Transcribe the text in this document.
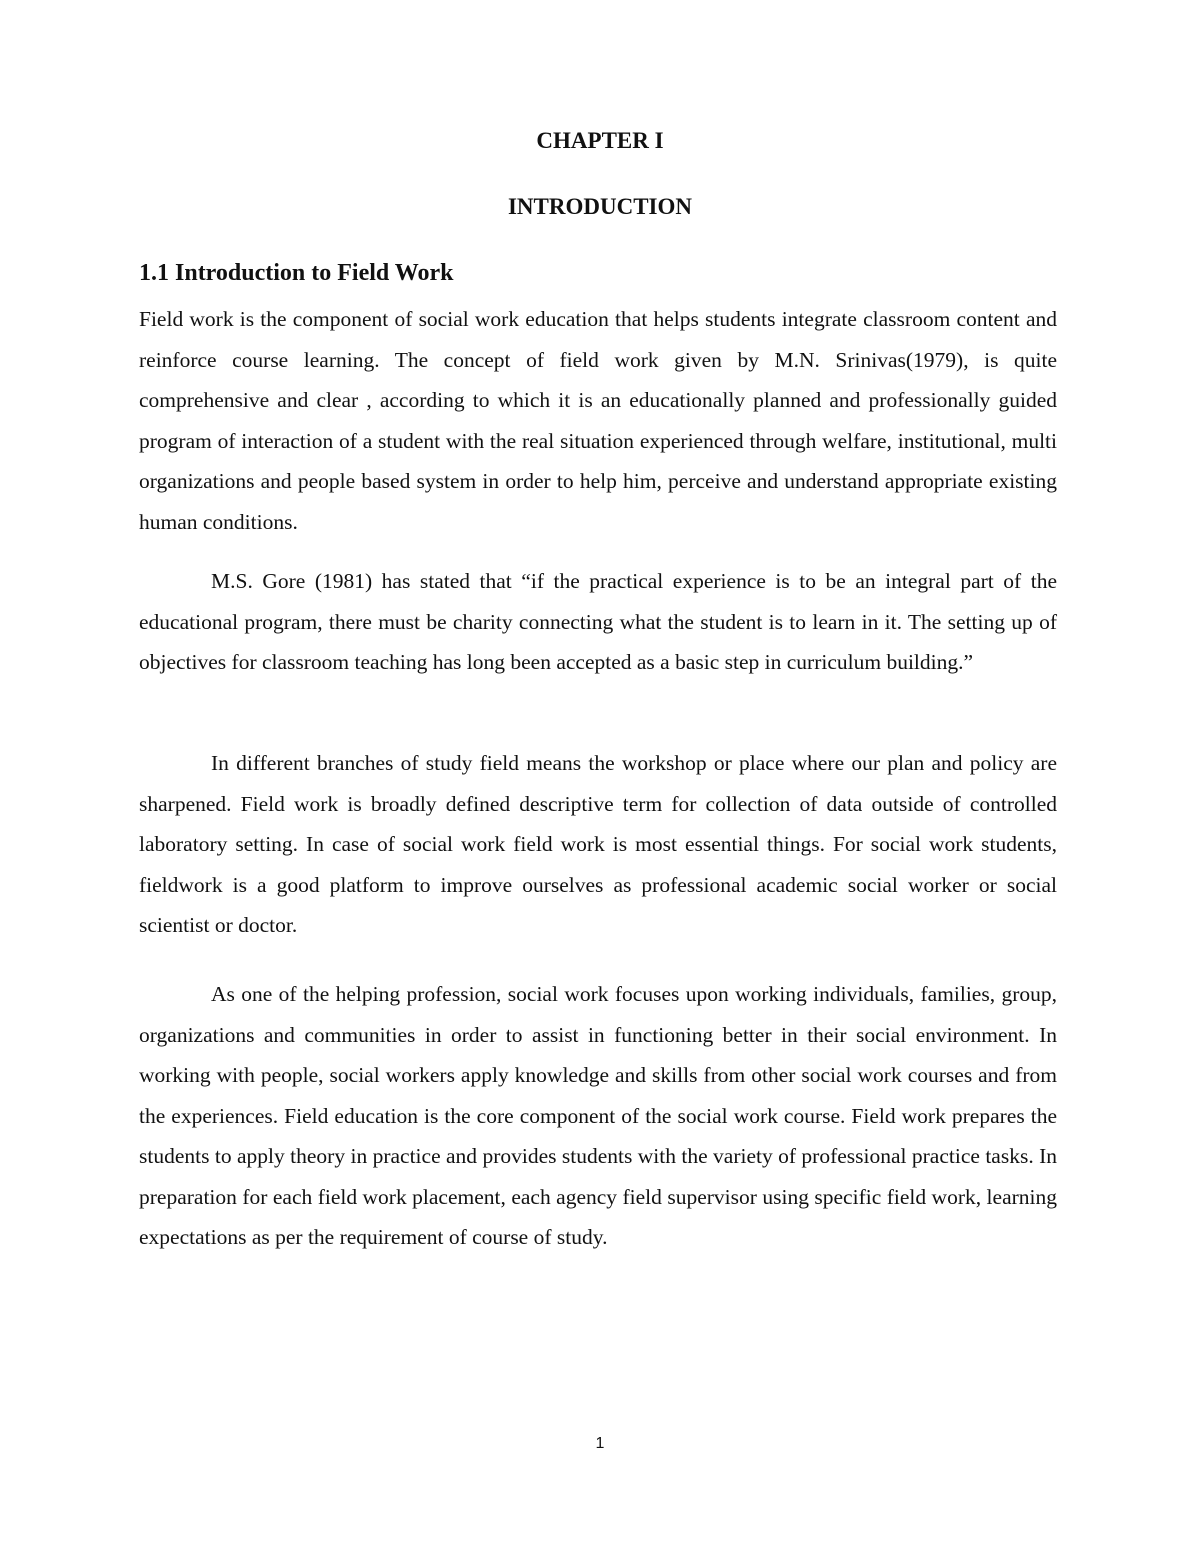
CHAPTER I
INTRODUCTION
1.1 Introduction to Field Work

Field work is the component of social work education that helps students integrate classroom content and reinforce course learning. The concept of field work given by M.N. Srinivas(1979), is quite comprehensive and clear , according to which it is an educationally planned and professionally guided program of interaction of a student with the real situation experienced through welfare, institutional, multi organizations and people based system in order to help him, perceive and understand appropriate existing human conditions.

M.S. Gore (1981) has stated that “if the practical experience is to be an integral part of the educational program, there must be charity connecting what the student is to learn in it. The setting up of objectives for classroom teaching has long been accepted as a basic step in curriculum building.”

In different branches of study field means the workshop or place where our plan and policy are sharpened. Field work is broadly defined descriptive term for collection of data outside of controlled laboratory setting. In case of social work field work is most essential things. For social work students, fieldwork is a good platform to improve ourselves as professional academic social worker or social scientist or doctor.

As one of the helping profession, social work focuses upon working individuals, families, group, organizations and communities in order to assist in functioning better in their social environment. In working with people, social workers apply knowledge and skills from other social work courses and from the experiences. Field education is the core component of the social work course. Field work prepares the students to apply theory in practice and provides students with the variety of professional practice tasks. In preparation for each field work placement, each agency field supervisor using specific field work, learning expectations as per the requirement of course of study.

1
